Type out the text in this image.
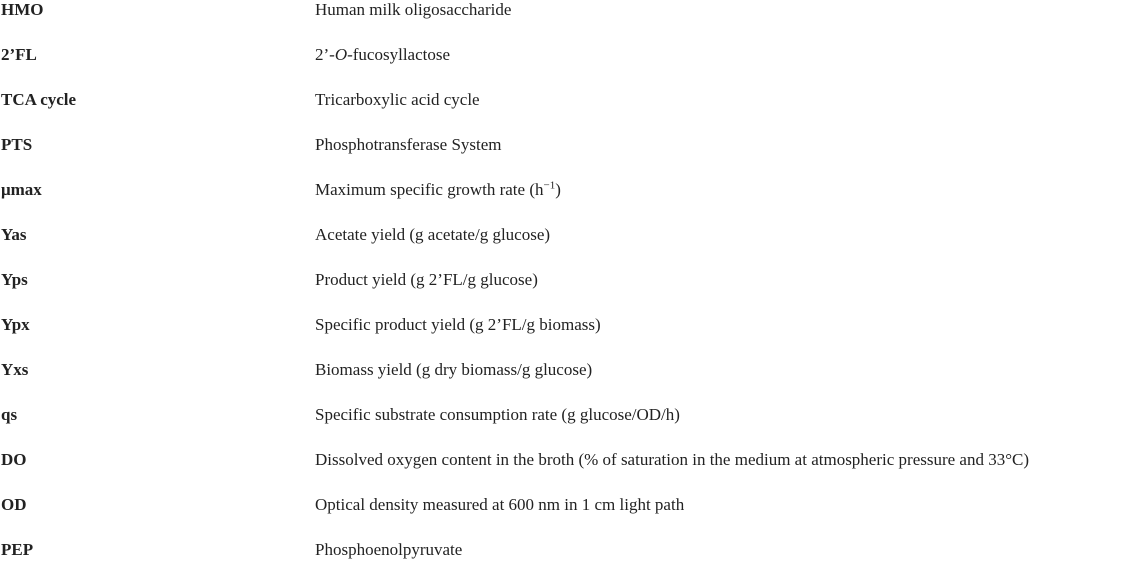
HMO	Human milk oligosaccharide
2’FL	2’-O-fucosyllactose
TCA cycle	Tricarboxylic acid cycle
PTS	Phosphotransferase System
μmax	Maximum specific growth rate $(h^{-1})$
Yas	Acetate yield (g acetate/g glucose)
Yps	Product yield (g 2’FL/g glucose)
Ypx	Specific product yield (g 2’FL/g biomass)
Yxs	Biomass yield (g dry biomass/g glucose)
qs	Specific substrate consumption rate (g glucose/OD/h)
DO	Dissolved oxygen content in the broth (% of saturation in the medium at atmospheric pressure and 33°C)
OD	Optical density measured at 600 nm in 1 cm light path
PEP	Phosphoenolpyruvate
